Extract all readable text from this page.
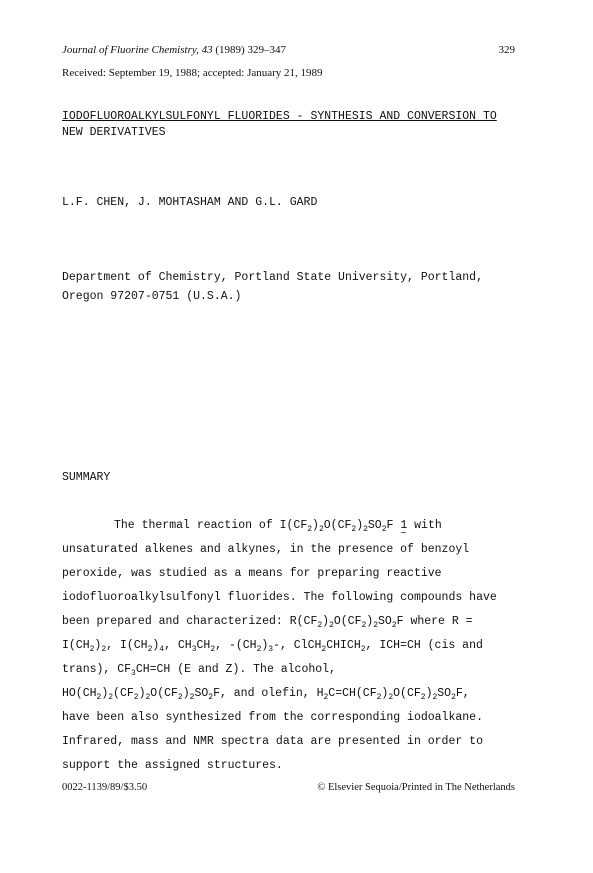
Journal of Fluorine Chemistry, 43 (1989) 329–347	329
Received: September 19, 1988; accepted: January 21, 1989
IODOFLUOROALKYLSULFONYL FLUORIDES - SYNTHESIS AND CONVERSION TO
NEW DERIVATIVES
L.F. CHEN, J. MOHTASHAM AND G.L. GARD
Department of Chemistry, Portland State University, Portland,
Oregon 97207-0751 (U.S.A.)
SUMMARY
The thermal reaction of $I(CF_2)_2O(CF_2)_2SO_2F$ 1 ~ with
unsaturated alkenes and alkynes, in the presence of benzoyl
peroxide, was studied as a means for preparing reactive
iodofluoroalkylsulfonyl fluorides. The following compounds have
been prepared and characterized: $R(CF_2)_2O(CF_2)_2SO_2F$ where R =
$I(CH_2)_2$, $I(CH_2)_4$, $CH_3CH_2$, $-(CH_2)_3-$, $ClCH_2CHICH_2$, ICH=CH (cis and
trans), $CF_3CH=CH$ (E and Z). The alcohol,
$HO(CH_2)_2(CF_2)_2O(CF_2)_2SO_2F$, and olefin, $H_2C=CH(CF_2)_2O(CF_2)_2SO_2F$,
have been also synthesized from the corresponding iodoalkane.
Infrared, mass and NMR spectra data are presented in order to
support the assigned structures.
0022-1139/89/$3.50	© Elsevier Sequoia/Printed in The Netherlands
